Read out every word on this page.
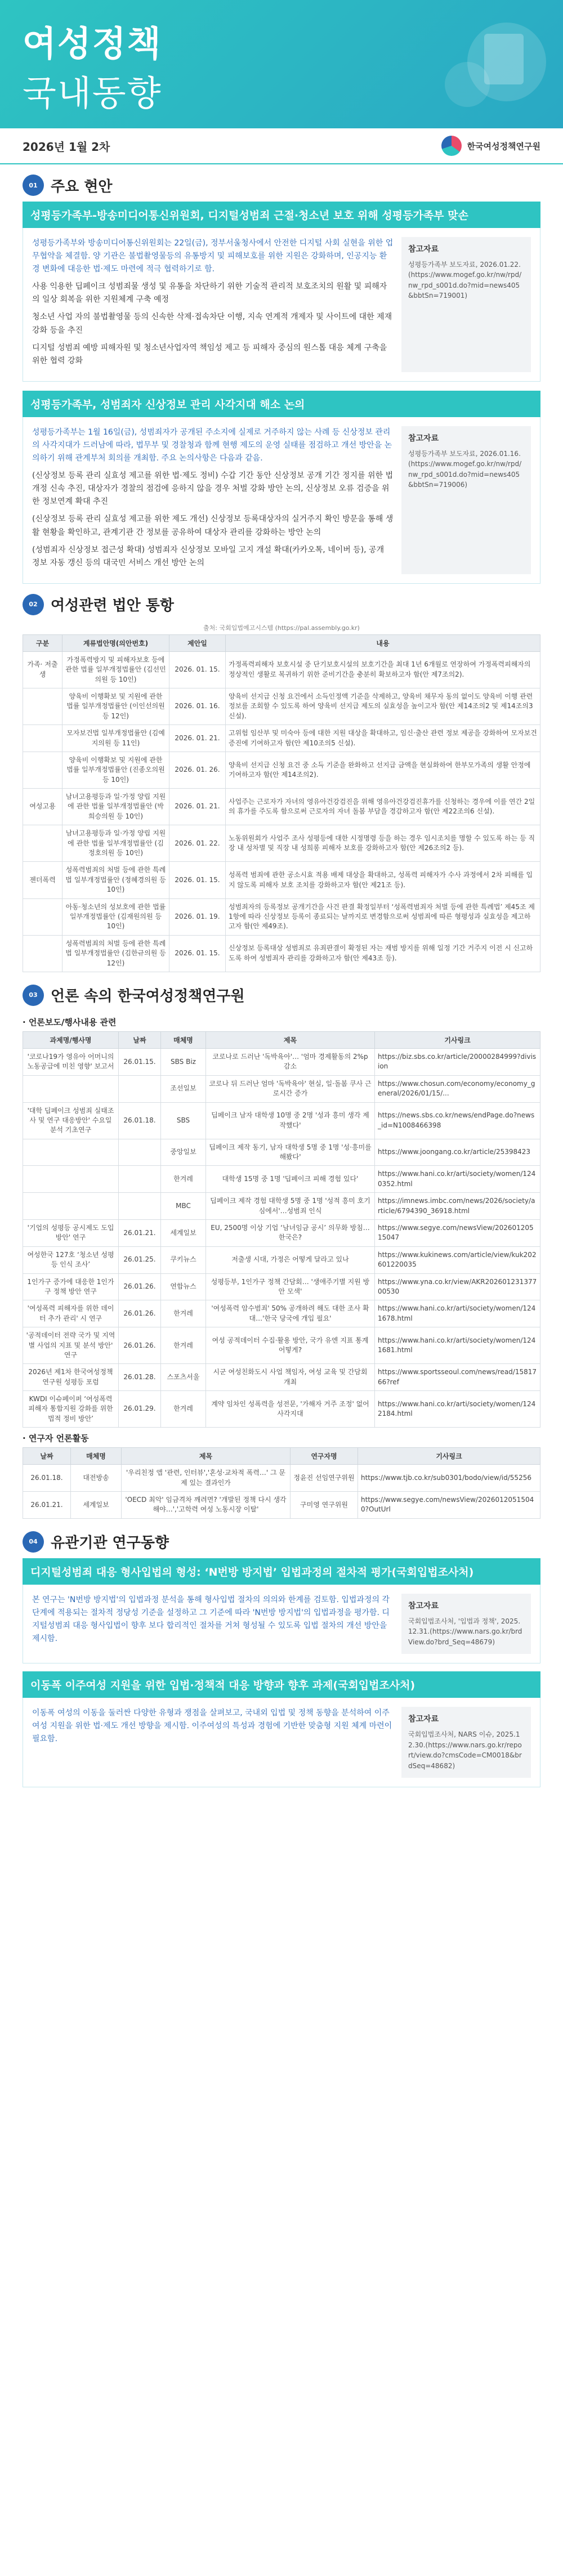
여성정책
국내동향
2026년 1월 2차	한국여성정책연구원
01 주요 현안
성평등가족부-방송미디어통신위원회, 디지털성범죄 근절·청소년 보호 위해 성평등가족부 맞손

성평등가족부와 방송미디어통신위원회는 22일(금), 정부서울청사에서 안전한 디지털 사회 실현을 위한 업무협약을 체결함. 양 기관은 불법촬영물등의 유통방지 및 피해보호를 위한 지원은 강화하며, 인공지능 환경 변화에 대응한 법·제도 마련에 적극 협력하기로 함.

사용 익용한 딥페이크 성범죄물 생성 및 유통을 차단하기 위한 기술적 관리적 보호조치의 원활 및 피해자의 일상 회복을 위한 지원체계 구축 예정

청소년 사업 자의 불법촬영물 등의 신속한 삭제·접속차단 이행, 지속 연계적 개제자 및 사이트에 대한 제재 강화 등을 추진

디지털 성범죄 예방 피해자원 및 청소년사업자역 책임성 제고 등 피해자 중심의 원스톱 대응 체계 구축을 위한 협력 강화

참고자료
성평등가족부 보도자료, 2026.01.22.(https://www.mogef.go.kr/nw/rpd/nw_rpd_s001d.do?mid=news405&bbtSn=719001)
성평등가족부, 성범죄자 신상정보 관리 사각지대 해소 논의

성평등가족부는 1월 16일(금), 성범죄자가 공개된 주소지에 실제로 거주하지 않는 사례 등 신상정보 관리의 사각지대가 드러남에 따라, 법무부 및 경찰청과 함께 현행 제도의 운영 실태를 점검하고 개선 방안을 논의하기 위해 관계부처 회의를 개최함. 주요 논의사항은 다음과 같음.

(신상정보 등록 관리 실효성 제고를 위한 법·제도 정비) 수갑 기간 동안 신상정보 공개 기간 정지를 위한 법 개정 신속 추진, 대상자가 경찰의 점검에 응하지 않을 경우 처벌 강화 방안 논의, 신상정보 오류 검증을 위한 정보연계 확대 추진

(신상정보 등록 관리 실효성 제고를 위한 제도 개선) 신상정보 등록대상자의 실거주지 확인 방문을 통해 생활 현황을 확인하고, 관계기관 간 정보를 공유하여 대상자 관리를 강화하는 방안 논의

(성범죄자 신상정보 접근성 확대) 성범죄자 신상정보 모바일 고지 개설 확대(카카오톡, 네이버 등), 공개 정보 자동 갱신 등의 대국민 서비스 개선 방안 논의

참고자료
성평등가족부 보도자료, 2026.01.16.(https://www.mogef.go.kr/nw/rpd/nw_rpd_s001d.do?mid=news405&bbtSn=719006)
02 여성관련 법안 통항
출처: 국회입법예고시스템 (https://pal.assembly.go.kr)
구분	계류법안명(의안번호)	제안일	내용
가족· 저출생	가정폭력방지 및 피해자보호 등에 관한 법률 일부개정법률안 (김선민의원 등 10인)	2026. 01. 15.	가정폭력피해자 보호시설 중 단기보호시설의 보호기간을 최대 1년 6개월로 연장하여 가정폭력피해자의 정상적인 생활로 복귀하기 위한 준비기간을 충분히 확보하고자 함(안 제7조의2).
	양육비 이행확보 및 지원에 관한 법률 일부개정법률안 (이인선의원 등 12인)	2026. 01. 16.	양육비 선지급 신청 요건에서 소득인정액 기준을 삭제하고, 양육비 채무자 동의 없이도 양육비 이행 관련 정보를 조회할 수 있도록 하여 양육비 선지급 제도의 실효성을 높이고자 함(안 제14조의2 및 제14조의3 신설).
	모자보건법 일부개정법률안 (김예지의원 등 11인)	2026. 01. 21.	고위험 임산부 및 미숙아 등에 대한 지원 대상을 확대하고, 임신·출산 관련 정보 제공을 강화하여 모자보건 증진에 기여하고자 함(안 제10조의5 신설).
	양육비 이행확보 및 지원에 관한 법률 일부개정법률안 (진종오의원 등 10인)	2026. 01. 26.	양육비 선지급 신청 요건 중 소득 기준을 완화하고 선지급 금액을 현실화하여 한부모가족의 생활 안정에 기여하고자 함(안 제14조의2).
여성고용	남녀고용평등과 일·가정 양립 지원에 관한 법률 일부개정법률안 (박희승의원 등 10인)	2026. 01. 21.	사업주는 근로자가 자녀의 영유아건강검진을 위해 영유아건강검진휴가를 신청하는 경우에 이를 연간 2일의 휴가를 주도록 함으로써 근로자의 자녀 돌봄 부담을 경감하고자 함(안 제22조의6 신설).
	남녀고용평등과 일·가정 양립 지원에 관한 법률 일부개정법률안 (김정호의원 등 10인)	2026. 01. 22.	노동위원회가 사업주 조사 성평등에 대한 시정명령 등을 하는 경우 임시조치를 명할 수 있도록 하는 등 직장 내 성차별 및 직장 내 성희롱 피해자 보호를 강화하고자 함(안 제26조의2 등).
젠더폭력	성폭력범죄의 처벌 등에 관한 특례법 일부개정법률안 (정혜경의원 등 10인)	2026. 01. 15.	성폭력 범죄에 관한 공소시효 적용 배제 대상을 확대하고, 성폭력 피해자가 수사 과정에서 2차 피해를 입지 않도록 피해자 보호 조치를 강화하고자 함(안 제21조 등).
	아동·청소년의 성보호에 관한 법률 일부개정법률안 (김재원의원 등 10인)	2026. 01. 19.	성범죄자의 등록정보 공개기간을 사건 판결 확정일부터 ‘성폭력범죄자 처벌 등에 관한 특례법’ 제45조 제1항에 따라 신상정보 등록이 종료되는 날까지로 변경함으로써 성범죄에 따른 형평성과 실효성을 제고하고자 함(안 제49조).
	성폭력범죄의 처벌 등에 관한 특례법 일부개정법률안 (김한규의원 등 12인)	2026. 01. 15.	신상정보 등록대상 성범죄로 유죄판결이 확정된 자는 재범 방지를 위해 일정 기간 거주지 이전 시 신고하도록 하여 성범죄자 관리를 강화하고자 함(안 제43조 등).
03 언론 속의 한국여성정책연구원
· 언론보도/행사내용 관련
과제명/행사명	날짜	매체명	제목	기사링크
'코로나19가 영유아 어머니의 노동공급에 미친 영향' 보고서	26.01.15.	SBS Biz	코로나로 드러난 '독박육아'… '엄마 경제활동의 2%p 감소	https://biz.sbs.co.kr/article/20000284999?division
		조선일보	코로나 뒤 드러난 엄마 '독박육아' 현실, 일·돌봄 쿠사 근로시간 증가	https://www.chosun.com/economy/economy_general/2026/01/15/...
'대학 딥페이크 성범죄 실태조사 및 연구 대응방안' 수요일 분석 기초연구	26.01.18.	SBS	딥페이크 남자 대학생 10명 중 2명 '성과 흥미 생각 제작했다'	https://news.sbs.co.kr/news/endPage.do?news_id=N1008466398
		중앙일보	딥페이크 제작 동기, 남자 대학생 5명 중 1명 '성·흥미를 해봤다'	https://www.joongang.co.kr/article/25398423
		한겨레	대학생 15명 중 1명 '딥페이크 피해 경험 있다'	https://www.hani.co.kr/arti/society/women/1240352.html
		MBC	딥페이크 제작 경험 대학생 5명 중 1명 '성적 흥미 호기심에서'…성범죄 인식	https://imnews.imbc.com/news/2026/society/article/6794390_36918.html
'기업의 성평등 공시제도 도입방안' 연구	26.01.21.	세계일보	EU, 2500명 이상 기업 ‘남녀임금 공시’ 의무화 방침… 한국은?	https://www.segye.com/newsView/20260120515047
여성한국 127호 ‘청소년 성평등 인식 조사’	26.01.25.	쿠키뉴스	저출생 시대, 가정은 어떻게 달라고 있나	https://www.kukinews.com/article/view/kuk202601220035
1인가구 증가에 대응한 1인가구 정책 방안 연구	26.01.26.	연합뉴스	성평등부, 1인가구 정책 간담회… '생애주기별 지원 방안 모색'	https://www.yna.co.kr/view/AKR20260123137700530
'여성폭력 피해자를 위한 데이터 추가 관리' 시 연구	26.01.26.	한겨레	'여성폭력 암수범죄' 50% 공개하려 해도 대한 조사 확대…'한국 당국에 개입 필요'	https://www.hani.co.kr/arti/society/women/1241678.html
'공적데이터 전략 국가 및 지역별 사업의 지표 및 분석 방안' 연구	26.01.26.	한겨레	여성 공적데이터 수집·활용 방안, 국가 유엔 지표 통계 어떻게?	https://www.hani.co.kr/arti/society/women/1241681.html
2026년 제1차 한국여성정책연구원 성평등 포럼	26.01.28.	스포츠서울	시군 여성친화도시 사업 책임자, 여성 교육 및 간담회 개최	https://www.sportsseoul.com/news/read/1581766?ref
KWDI 이슈페이퍼 ‘여성폭력 피해자 통합지원 강화를 위한 법적 정비 방안’	26.01.29.	한겨레	계약 임차인 성폭력을 성전문, '가해자 거주 조정' 없어 사각지대	https://www.hani.co.kr/arti/society/women/1242184.html
· 연구자 언론활동
날짜	매체명	제목	연구자명	기사링크
26.01.18.	대전방송	'우리친정 앱 '관련, 인터뷰','혼성·교차적 폭력…' 그 문제 있는 결과인가	정윤진 선임연구위원	https://www.tjb.co.kr/sub0301/bodo/view/id/55256
26.01.21.	세계일보	'OECD 최악' 임금격차 깨려면? '개발된 정책 다시 생각해야…','고학력 여성 노동시장 이탈'	구미영 연구위원	https://www.segye.com/newsView/20260120515040?OutUrl
04 유관기관 연구동향
디지털성범죄 대응 형사입법의 형성: ‘N번방 방지법’ 입법과정의 절차적 평가(국회입법조사처)

본 연구는 'N번방 방지법'의 입법과정 분석을 통해 형사입법 절차의 의의와 한계를 검토함. 입법과정의 각 단계에 적용되는 절차적 정당성 기준을 설정하고 그 기준에 따라 'N번방 방지법'의 입법과정을 평가함. 디지털성범죄 대응 형사입법이 향후 보다 합리적인 절차를 거쳐 형성될 수 있도록 입법 절차의 개선 방안을 제시함.

참고자료
국회입법조사처, '입법과 정책', 2025. 12.31.(https://www.nars.go.kr/brdView.do?brd_Seq=48679)
이동폭 이주여성 지원을 위한 입법·정책적 대응 방향과 향후 과제(국회입법조사처)

이동폭 여성의 이동을 둘러싼 다양한 유형과 쟁점을 살펴보고, 국내외 입법 및 정책 동향을 분석하여 이주여성 지원을 위한 법·제도 개선 방향을 제시함. 이주여성의 특성과 경험에 기반한 맞춤형 지원 체계 마련이 필요함.

참고자료
국회입법조사처, NARS 이슈, 2025.12.30.(https://www.nars.go.kr/report/view.do?cmsCode=CM0018&brdSeq=48682)
